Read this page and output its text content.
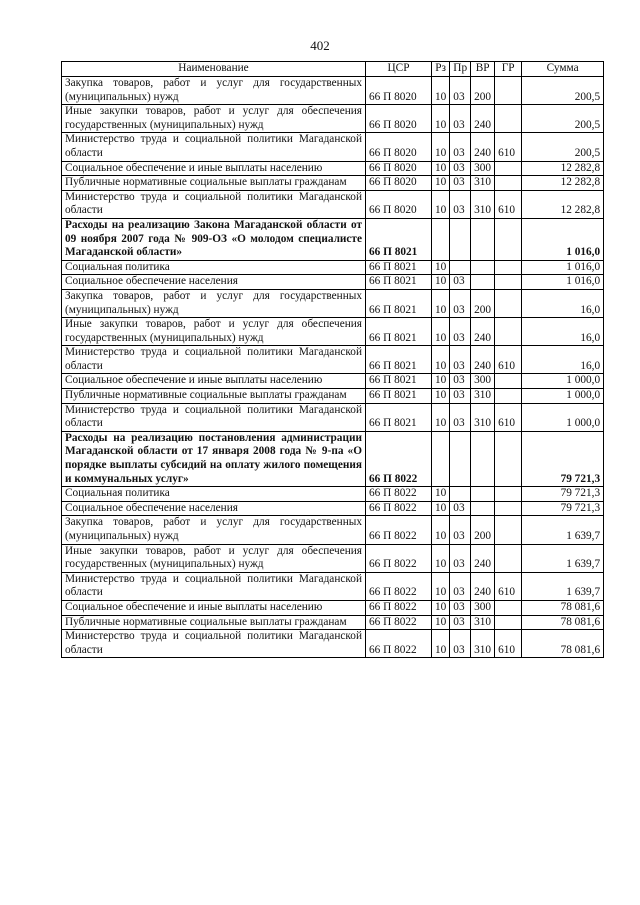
402
Наименование	ЦСР	Рз	Пр	ВР	ГР	Сумма
Закупка товаров, работ и услуг для государственных (муниципальных) нужд	66 П 8020	10	03	200		200,5
Иные закупки товаров, работ и услуг для обеспечения государственных (муниципальных) нужд	66 П 8020	10	03	240		200,5
Министерство труда и социальной политики Магаданской области	66 П 8020	10	03	240	610	200,5
Социальное обеспечение и иные выплаты населению	66 П 8020	10	03	300		12 282,8
Публичные нормативные социальные выплаты гражданам	66 П 8020	10	03	310		12 282,8
Министерство труда и социальной политики Магаданской области	66 П 8020	10	03	310	610	12 282,8
Расходы на реализацию Закона Магаданской области от 09 ноября 2007 года № 909-ОЗ «О молодом специалисте Магаданской области»	66 П 8021					1 016,0
Социальная политика	66 П 8021	10				1 016,0
Социальное обеспечение населения	66 П 8021	10	03			1 016,0
Закупка товаров, работ и услуг для государственных (муниципальных) нужд	66 П 8021	10	03	200		16,0
Иные закупки товаров, работ и услуг для обеспечения государственных (муниципальных) нужд	66 П 8021	10	03	240		16,0
Министерство труда и социальной политики Магаданской области	66 П 8021	10	03	240	610	16,0
Социальное обеспечение и иные выплаты населению	66 П 8021	10	03	300		1 000,0
Публичные нормативные социальные выплаты гражданам	66 П 8021	10	03	310		1 000,0
Министерство труда и социальной политики Магаданской области	66 П 8021	10	03	310	610	1 000,0
Расходы на реализацию постановления администрации Магаданской области от 17 января 2008 года № 9-па «О порядке выплаты субсидий на оплату жилого помещения и коммунальных услуг»	66 П 8022					79 721,3
Социальная политика	66 П 8022	10				79 721,3
Социальное обеспечение населения	66 П 8022	10	03			79 721,3
Закупка товаров, работ и услуг для государственных (муниципальных) нужд	66 П 8022	10	03	200		1 639,7
Иные закупки товаров, работ и услуг для обеспечения государственных (муниципальных) нужд	66 П 8022	10	03	240		1 639,7
Министерство труда и социальной политики Магаданской области	66 П 8022	10	03	240	610	1 639,7
Социальное обеспечение и иные выплаты населению	66 П 8022	10	03	300		78 081,6
Публичные нормативные социальные выплаты гражданам	66 П 8022	10	03	310		78 081,6
Министерство труда и социальной политики Магаданской области	66 П 8022	10	03	310	610	78 081,6
